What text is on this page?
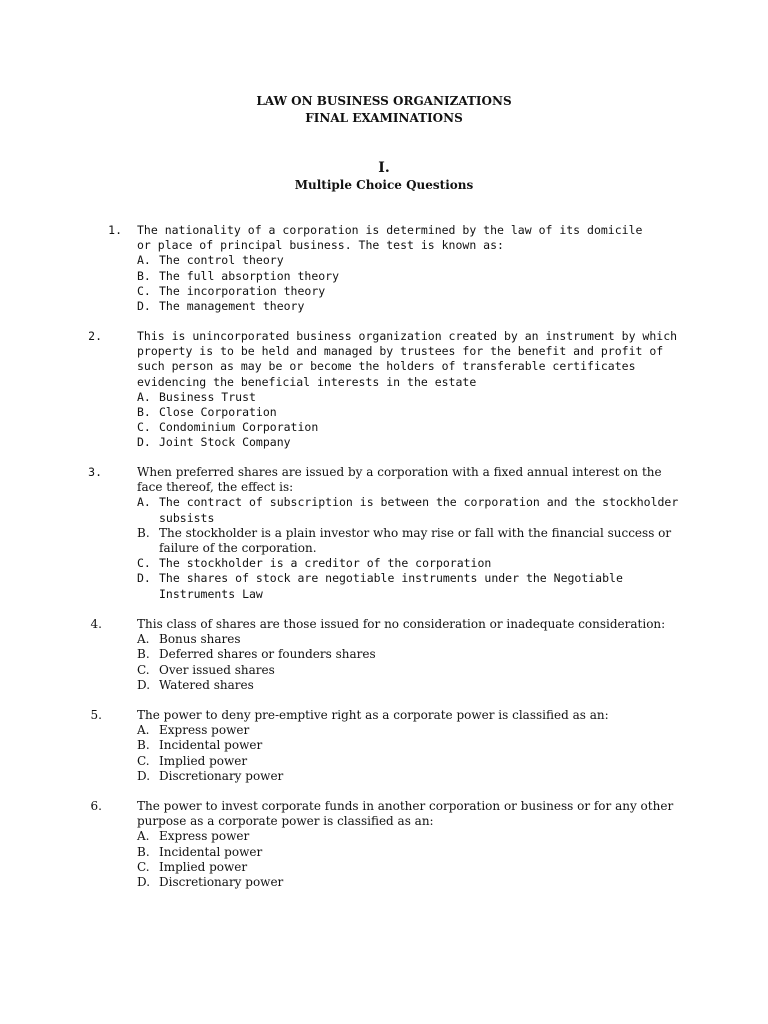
LAW ON BUSINESS ORGANIZATIONS
FINAL EXAMINATIONS
I.
Multiple Choice Questions
1. The nationality of a corporation is determined by the law of its domicile or place of principal business. The test is known as:
A. The control theory
B. The full absorption theory
C. The incorporation theory
D. The management theory
2.	This is unincorporated business organization created by an instrument by which property is to be held and managed by trustees for the benefit and profit of such person as may be or become the holders of transferable certificates evidencing the beneficial interests in the estate
A. Business Trust
B. Close Corporation
C. Condominium Corporation
D. Joint Stock Company
3.	When preferred shares are issued by a corporation with a fixed annual interest on the face thereof, the effect is:
A. The contract of subscription is between the corporation and the stockholder subsists
B. The stockholder is a plain investor who may rise or fall with the financial success or failure of the corporation.
C. The stockholder is a creditor of the corporation
D. The shares of stock are negotiable instruments under the Negotiable Instruments Law
4.	This class of shares are those issued for no consideration or inadequate consideration:
A. Bonus shares
B. Deferred shares or founders shares
C. Over issued shares
D. Watered shares
5.	The power to deny pre-emptive right as a corporate power is classified as an:
A. Express power
B. Incidental power
C. Implied power
D. Discretionary power
6.	The power to invest corporate funds in another corporation or business or for any other purpose as a corporate power is classified as an:
A. Express power
B. Incidental power
C. Implied power
D. Discretionary power
